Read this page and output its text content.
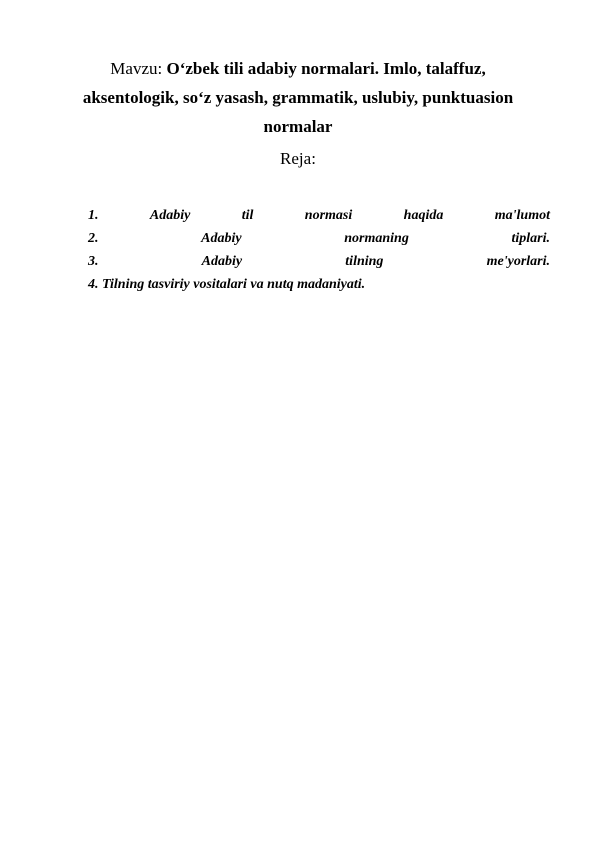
Mavzu: O‘zbek tili adabiy normalari. Imlo, talaffuz,
aksentologik, so‘z yasash, grammatik, uslubiy, punktuasion
normalar
Reja:
1.	Adabiy	til	normasi	haqida	ma'lumot
2.	Adabiy	normaning	tiplari.
3.	Adabiy	tilning	me'yorlari.
4. Tilning tasviriy vositalari va nutq madaniyati.
